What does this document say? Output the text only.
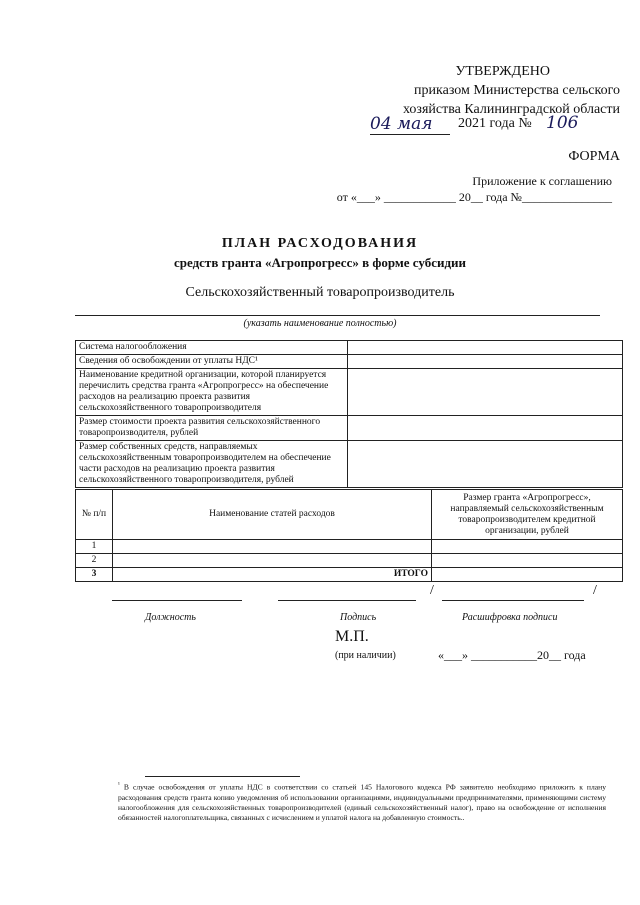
УТВЕРЖДЕНО
приказом Министерства сельского
хозяйства Калининградской области
04 мая 2021 года № 106
ФОРМА
Приложение к соглашению
от «___» ____________ 20__ года №_______________
ПЛАН РАСХОДОВАНИЯ
средств гранта «Агропрогресс» в форме субсидии
Сельскохозяйственный товаропроизводитель
(указать наименование полностью)
Система налогообложения	
Сведения об освобождении от уплаты НДС¹	
Наименование кредитной организации, которой планируется перечислить средства гранта «Агропрогресс» на обеспечение расходов на реализацию проекта развития сельскохозяйственного товаропроизводителя	
Размер стоимости проекта развития сельскохозяйственного товаропроизводителя, рублей	
Размер собственных средств, направляемых сельскохозяйственным товаропроизводителем на обеспечение части расходов на реализацию проекта развития сельскохозяйственного товаропроизводителя, рублей	
№ п/п	Наименование статей расходов	Размер гранта «Агропрогресс», направляемый сельскохозяйственным товаропроизводителем кредитной организации, рублей
1		
2		
3	ИТОГО	
/	/
Должность	Подпись	Расшифровка подписи
М.П.
(при наличии)	«___» ___________20__ года
$^{^1}$ В случае освобождения от уплаты НДС в соответствии со статьей 145 Налогового кодекса РФ заявителю необходимо приложить к плану расходования средств гранта копию уведомления об использовании организациями, индивидуальными предпринимателями, применяющими систему налогообложения для сельскохозяйственных товаропроизводителей (единый сельскохозяйственный налог), право на освобождение от исполнения обязанностей налогоплательщика, связанных с исчислением и уплатой налога на добавленную стоимость..
